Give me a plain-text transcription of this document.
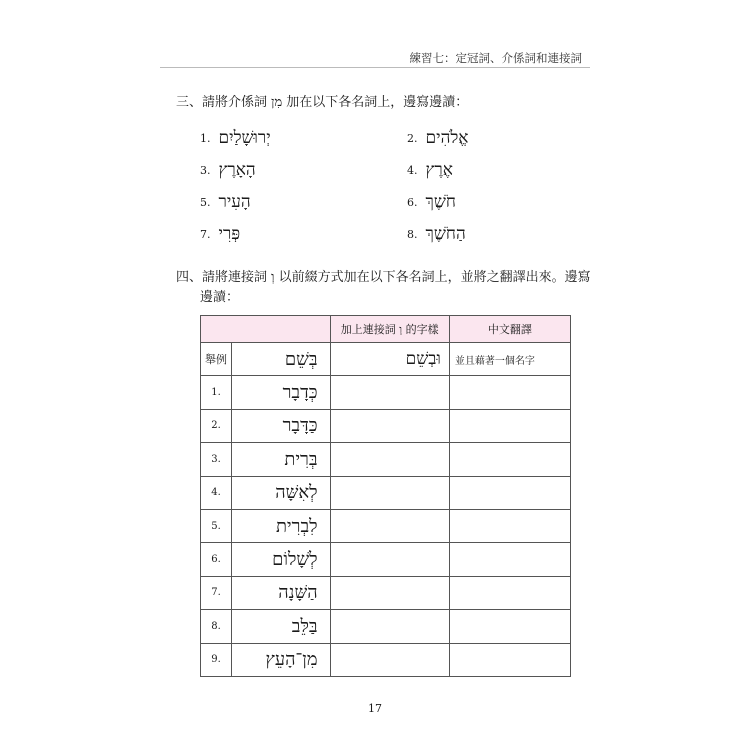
練習七：定冠詞、介係詞和連接詞
三、請將介係詞 מִן 加在以下各名詞上，邊寫邊讀：
1. יְרוּשָׁלַיִם	2. אֱלֹהִים
3. הָאָרֶץ	4. אֶרֶץ
5. הָעִיר	6. חֹשֶׁךְ
7. פְּרִי	8. הַחֹשֶׁךְ
四、請將連接詞 וְ 以前綴方式加在以下各名詞上，並將之翻譯出來。邊寫
邊讀：
		加上連接詞 וְ 的字樣	中文翻譯
舉例	בְּשֵׁם	וּבְשֵׁם	並且藉著一個名字
1.	כְּדָבָר		
2.	כַּדָּבָר		
3.	בְּרִית		
4.	לְאִשָּׁה		
5.	לִבְרִית		
6.	לְשָׁלוֹם		
7.	הַשָּׁנָה		
8.	בַּלֵּב		
9.	מִן־הָעֵץ		
17
